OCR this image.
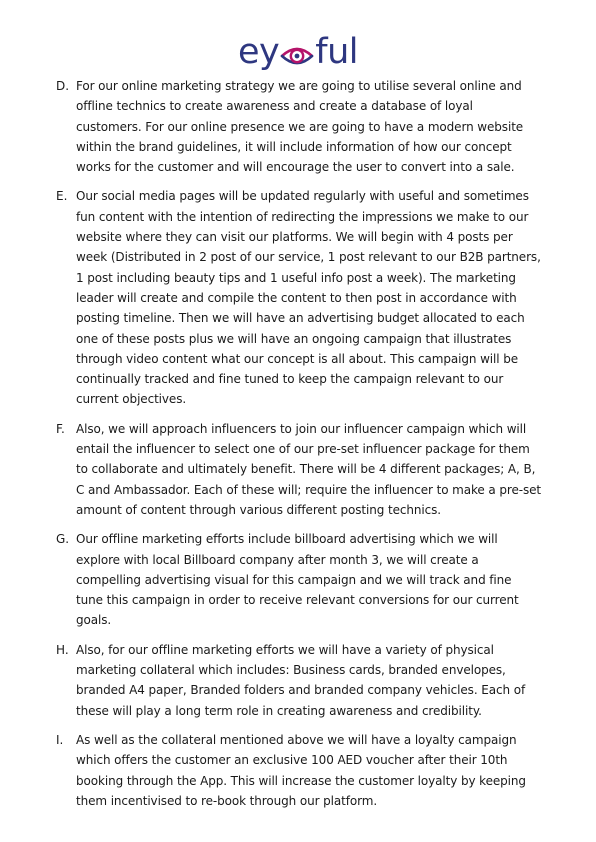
ey ful
D. For our online marketing strategy we are going to utilise several online and offline technics to create awareness and create a database of loyal customers. For our online presence we are going to have a modern website within the brand guidelines, it will include information of how our concept works for the customer and will encourage the user to convert into a sale.
E. Our social media pages will be updated regularly with useful and sometimes fun content with the intention of redirecting the impressions we make to our website where they can visit our platforms. We will begin with 4 posts per week (Distributed in 2 post of our service, 1 post relevant to our B2B partners, 1 post including beauty tips and 1 useful info post a week). The marketing leader will create and compile the content to then post in accordance with posting timeline. Then we will have an advertising budget allocated to each one of these posts plus we will have an ongoing campaign that illustrates through video content what our concept is all about. This campaign will be continually tracked and fine tuned to keep the campaign relevant to our current objectives.
F. Also, we will approach influencers to join our influencer campaign which will entail the influencer to select one of our pre-set influencer package for them to collaborate and ultimately benefit. There will be 4 different packages; A, B, C and Ambassador. Each of these will; require the influencer to make a pre-set amount of content through various different posting technics.
G. Our offline marketing efforts include billboard advertising which we will explore with local Billboard company after month 3, we will create a compelling advertising visual for this campaign and we will track and fine tune this campaign in order to receive relevant conversions for our current goals.
H. Also, for our offline marketing efforts we will have a variety of physical marketing collateral which includes: Business cards, branded envelopes, branded A4 paper, Branded folders and branded company vehicles. Each of these will play a long term role in creating awareness and credibility.
I.	As well as the collateral mentioned above we will have a loyalty campaign which offers the customer an exclusive 100 AED voucher after their 10th booking through the App. This will increase the customer loyalty by keeping them incentivised to re-book through our platform.
